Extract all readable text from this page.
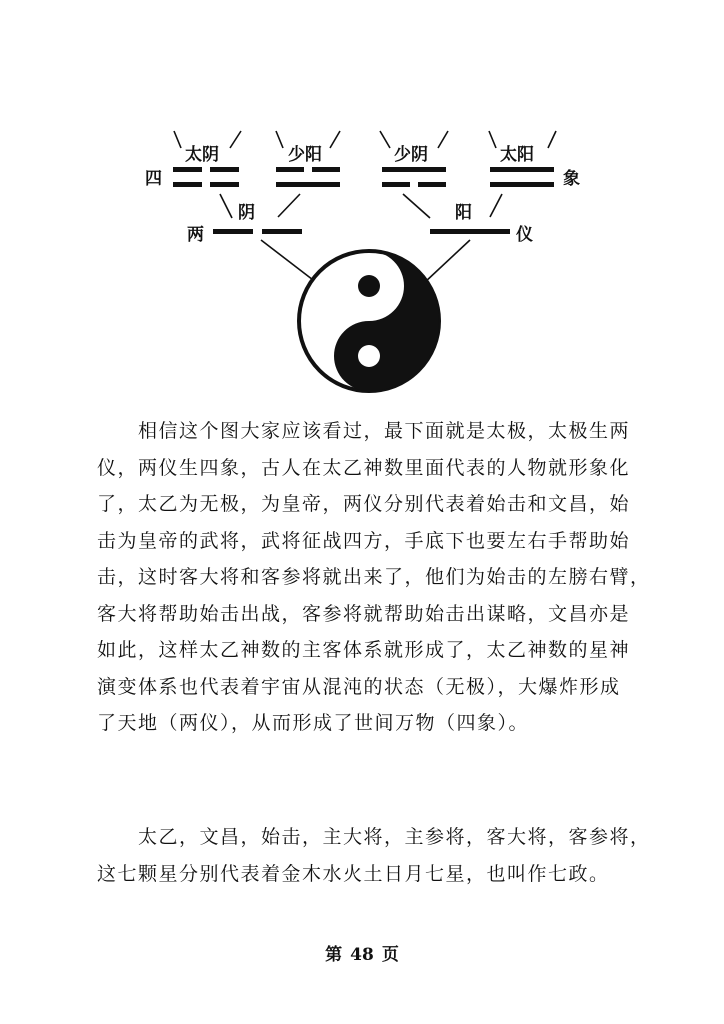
太阴	少阳	少阴	太阳
四	象
阴	阳
两	仪

　　相信这个图大家应该看过，最下面就是太极，太极生两
仪，两仪生四象，古人在太乙神数里面代表的人物就形象化
了，太乙为无极，为皇帝，两仪分别代表着始击和文昌，始
击为皇帝的武将，武将征战四方，手底下也要左右手帮助始
击，这时客大将和客参将就出来了，他们为始击的左膀右臂，
客大将帮助始击出战，客参将就帮助始击出谋略，文昌亦是
如此，这样太乙神数的主客体系就形成了，太乙神数的星神
演变体系也代表着宇宙从混沌的状态（无极），大爆炸形成
了天地（两仪），从而形成了世间万物（四象）。

　　太乙，文昌，始击，主大将，主参将，客大将，客参将，
这七颗星分别代表着金木水火土日月七星，也叫作七政。

第 48 页
